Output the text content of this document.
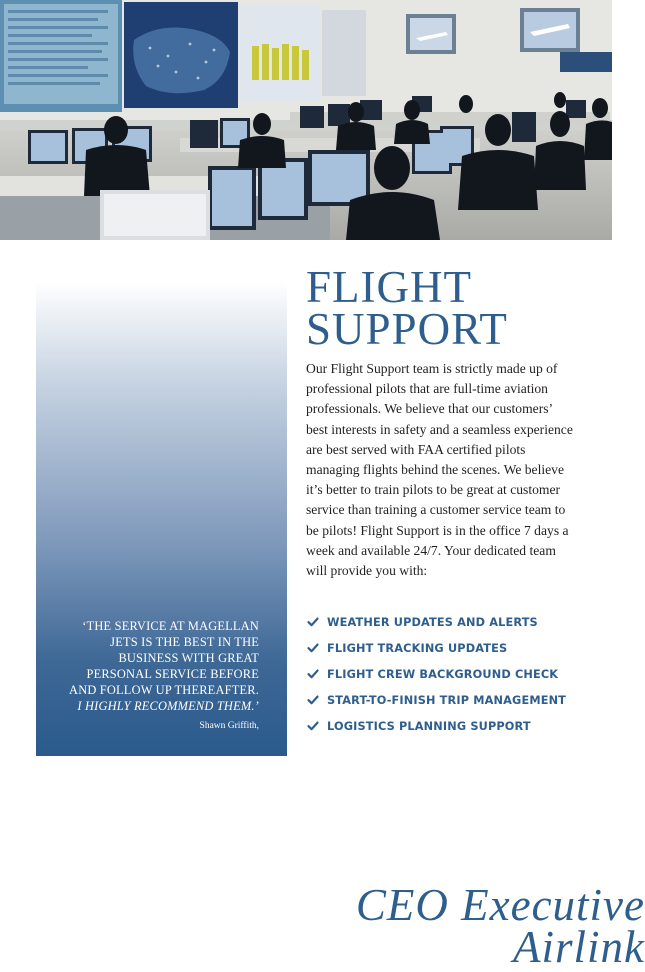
‘THE SERVICE AT MAGELLAN
JETS IS THE BEST IN THE
BUSINESS WITH GREAT
PERSONAL SERVICE BEFORE
AND FOLLOW UP THEREAFTER.
I HIGHLY RECOMMEND THEM.’
Shawn Griffith,
CEO Executive Airlink
FLIGHT
SUPPORT

Our Flight Support team is strictly made up of professional pilots that are full-time aviation professionals. We believe that our customers’ best interests in safety and a seamless experience are best served with FAA certified pilots managing flights behind the scenes. We believe it’s better to train pilots to be great at customer service than training a customer service team to be pilots! Flight Support is in the office 7 days a week and available 24/7. Your dedicated team will provide you with:

WEATHER UPDATES AND ALERTS
FLIGHT TRACKING UPDATES
FLIGHT CREW BACKGROUND CHECK
START-TO-FINISH TRIP MANAGEMENT
LOGISTICS PLANNING SUPPORT
